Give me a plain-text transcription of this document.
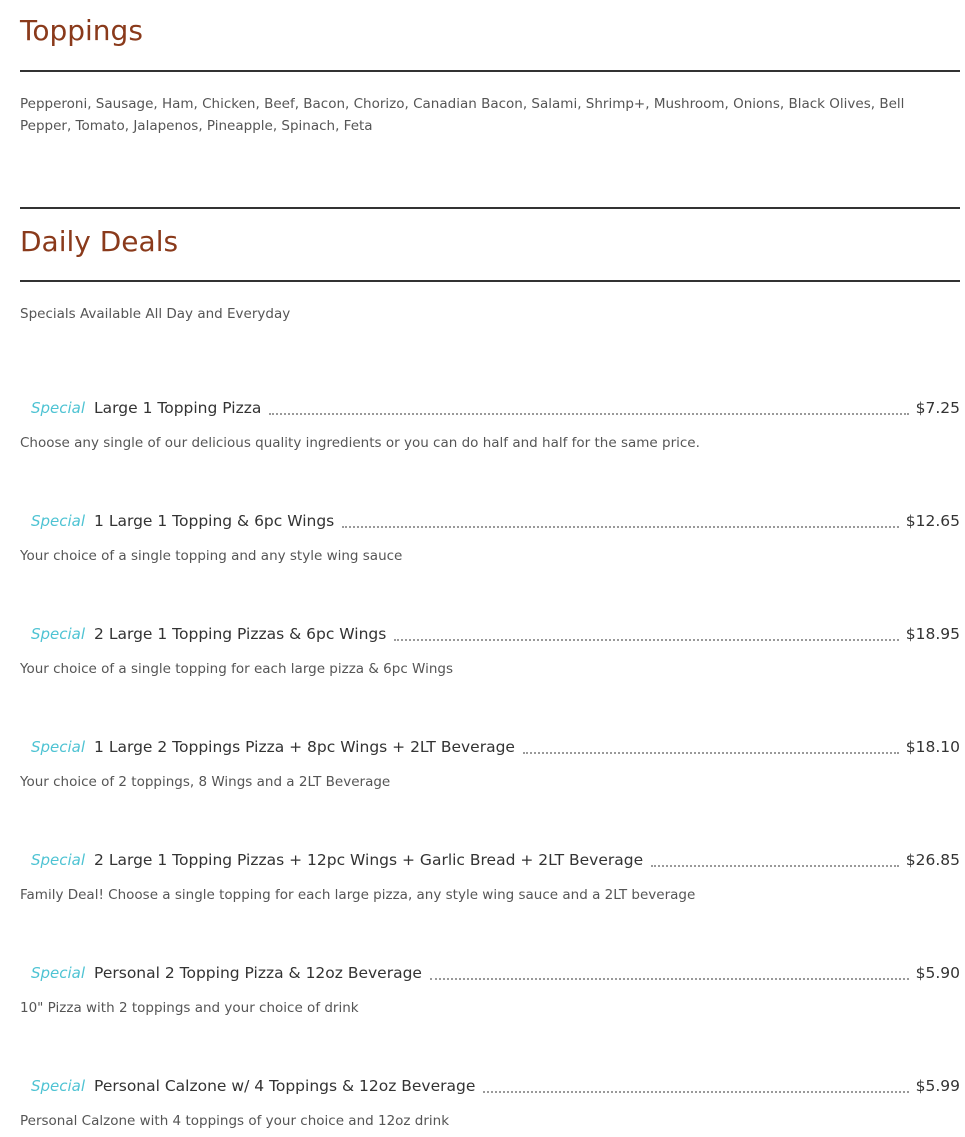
Toppings

Pepperoni, Sausage, Ham, Chicken, Beef, Bacon, Chorizo, Canadian Bacon, Salami, Shrimp+, Mushroom, Onions, Black Olives, Bell Pepper, Tomato, Jalapenos, Pineapple, Spinach, Feta

Daily Deals

Specials Available All Day and Everyday

Special Large 1 Topping Pizza	$7.25
Choose any single of our delicious quality ingredients or you can do half and half for the same price.
Special 1 Large 1 Topping & 6pc Wings	$12.65
Your choice of a single topping and any style wing sauce
Special 2 Large 1 Topping Pizzas & 6pc Wings	$18.95
Your choice of a single topping for each large pizza & 6pc Wings
Special 1 Large 2 Toppings Pizza + 8pc Wings + 2LT Beverage	$18.10
Your choice of 2 toppings, 8 Wings and a 2LT Beverage
Special 2 Large 1 Topping Pizzas + 12pc Wings + Garlic Bread + 2LT Beverage	$26.85
Family Deal! Choose a single topping for each large pizza, any style wing sauce and a 2LT beverage
Special Personal 2 Topping Pizza & 12oz Beverage	$5.90
10" Pizza with 2 toppings and your choice of drink
Special Personal Calzone w/ 4 Toppings & 12oz Beverage	$5.99
Personal Calzone with 4 toppings of your choice and 12oz drink
